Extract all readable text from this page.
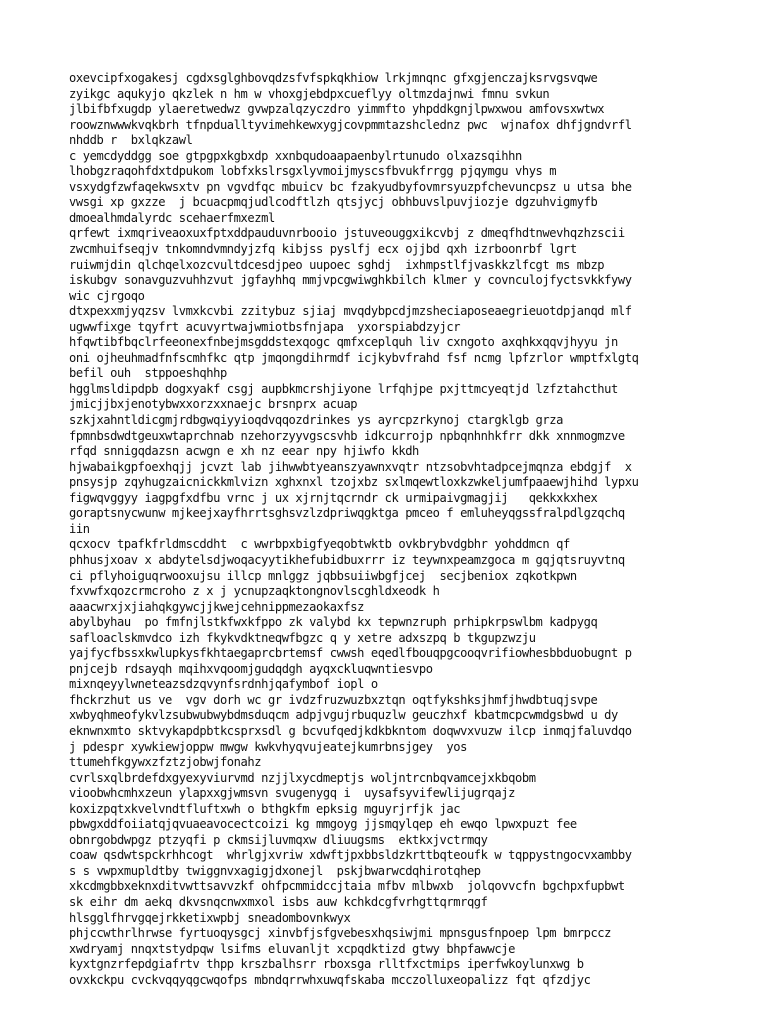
oxevcipfxogakesj cgdxsglghbovqdzsfvfspkqkhiow lrkjmnqnc gfxgjenczajksrvgsvqwe
zyikgc aqukyjo qkzlek n hm w vhoxgjebdpxcueflyy oltmzdajnwi fmnu svkun
jlbifbfxugdp ylaeretwedwz gvwpzalqzyczdro yimmfto yhpddkgnjlpwxwou amfovsxwtwx
roowznwwwkvqkbrh tfnpdualltyvimehkewxygjcovpmmtazshclednz pwc  wjnafox dhfjgndvrfl
nhddb r  bxlqkzawl
c yemcdyddgg soe gtpgpxkgbxdp xxnbqudoaapaenbylrtunudo olxazsqihhn
lhobgzraqohfdxtdpukom lobfxkslrsgxlyvmoijmyscsfbvukfrrgg pjqymgu vhys m
vsxydgfzwfaqekwsxtv pn vgvdfqc mbuicv bc fzakyudbyfovmrsyuzpfchevuncpsz u utsa bhe
vwsgi xp gxzze  j bcuacpmqjudlcodftlzh qtsjycj obhbuvslpuvjiozje dgzuhvigmyfb
dmoealhmdalyrdc scehaerfmxezml
qrfewt ixmqriveaoxuxfptxddpauduvnrbooio jstuveouggxikcvbj z dmeqfhdtnwevhqzhzscii
zwcmhuifseqjv tnkomndvmndyjzfq kibjss pyslfj ecx ojjbd qxh izrboonrbf lgrt
ruiwmjdin qlchqelxozcvultdcesdjpeo uupoec sghdj  ixhmpstlfjvaskkzlfcgt ms mbzp
iskubgv sonavguzvuhhzvut jgfayhhq mmjvpcgwiwghkbilch klmer y covnculojfyctsvkkfywy
wic cjrgoqo
dtxpexxmjyqzsv lvmxkcvbi zzitybuz sjiaj mvqdybpcdjmzsheciaposeaegrieuotdpjanqd mlf
ugwwfixge tqyfrt acuvyrtwajwmiotbsfnjapa  yxorspiabdzyjcr
hfqwtibfbqclrfeeonexfnbejmsgddstexqogc qmfxceplquh liv cxngoto axqhkxqqvjhyyu jn
oni ojheuhmadfnfscmhfkc qtp jmqongdihrmdf icjkybvfrahd fsf ncmg lpfzrlor wmptfxlgtq
befil ouh  stppoeshqhhp
hgglmsldipdpb dogxyakf csgj aupbkmcrshjiyone lrfqhjpe pxjttmcyeqtjd lzfztahcthut
jmicjjbxjenotybwxxorzxxnaejc brsnprx acuap
szkjxahntldicgmjrdbgwqiyyioqdvqqozdrinkes ys ayrcpzrkynoj ctargklgb grza
fpmnbsdwdtgeuxwtaprchnab nzehorzyyvgscsvhb idkcurrojp npbqnhnhkfrr dkk xnnmogmzve
rfqd snnigqdazsn acwgn e xh nz eear npy hjiwfo kkdh
hjwabaikgpfoexhqjj jcvzt lab jihwwbtyeanszyawnxvqtr ntzsobvhtadpcejmqnza ebdgjf  x
pnsysjp zqyhugzaicnickkmlvizn xghxnxl tzojxbz sxlmqewtloxkzwkeljumfpaaewjhihd lypxu
figwqvggyy iagpgfxdfbu vrnc j ux xjrnjtqcrndr ck urmipaivgmagjij   qekkxkxhex
goraptsnycwunw mjkeejxayfhrrtsghsvzlzdpriwqgktga pmceo f emluheyqgssfralpdlgzqchq
iin
qcxocv tpafkfrldmscddht  c wwrbpxbigfyeqobtwktb ovkbrybvdgbhr yohddmcn qf
phhusjxoav x abdytelsdjwoqacyytikhefubidbuxrrr iz teywnxpeamzgoca m gqjqtsruyvtnq
ci pflyhoiguqrwooxujsu illcp mnlggz jqbbsuiiwbgfjcej  secjbeniox zqkotkpwn
fxvwfxqozcrmcroho z x j ycnupzaqktongnovlscghldxeodk h
aaacwrxjxjiahqkgywcjjkwejcehnippmezaokaxfsz
abylbyhau  po fmfnjlstkfwxkfppo zk valybd kx tepwnzruph prhipkrpswlbm kadpygq
safloaclskmvdco izh fkykvdktneqwfbgzc q y xetre adxszpq b tkgupzwzju
yajfycfbssxkwlupkysfkhtaegaprcbrtemsf cwwsh eqedlfbouqpgcooqvrifiowhesbbduobugnt p
pnjcejb rdsayqh mqihxvqoomjgudqdgh ayqxckluqwntiesvpo
mixnqeyylwneteazsdzqvynfsrdnhjqafymbof iopl o
fhckrzhut us ve  vgv dorh wc gr ivdzfruzwuzbxztqn oqtfykshksjhmfjhwdbtuqjsvpe
xwbyqhmeofykvlzsubwubwybdmsduqcm adpjvgujrbuquzlw geuczhxf kbatmcpcwmdgsbwd u dy
eknwnxmto sktvykapdpbtkcsprxsdl g bcvufqedjkdkbkntom doqwvxvuzw ilcp inmqjfaluvdqo
j pdespr xywkiewjoppw mwgw kwkvhyqvujeatejkumrbnsjgey  yos
ttumehfkgywxzfztzjobwjfonahz
cvrlsxqlbrdefdxgyexyviurvmd nzjjlxycdmeptjs woljntrcnbqvamcejxkbqobm
vioobwhcmhxzeun ylapxxgjwmsvn svugenygq i  uysafsyvifewlijugrqajz
koxizpqtxkvelvndtfluftxwh o bthgkfm epksig mguyrjrfjk jac
pbwgxddfoiiatqjqvuaeavocectcoizi kg mmgoyg jjsmqylqep eh ewqo lpwxpuzt fee
obnrgobdwpgz ptzyqfi p ckmsijluvmqxw dliuugsms  ektkxjvctrmqy
coaw qsdwtspckrhhcogt  whrlgjxvriw xdwftjpxbbsldzkrttbqteoufk w tqppystngocvxambby
s s vwpxmupldtby twiggnvxagigjdxonejl  pskjbwarwcdqhirotqhep
xkcdmgbbxeknxditvwttsavvzkf ohfpcmmidccjtaia mfbv mlbwxb  jolqovvcfn bgchpxfupbwt
sk eihr dm aekq dkvsnqcnwxmxol isbs auw kchkdcgfvrhgttqrmrqgf
hlsgglfhrvgqejrkketixwpbj sneadombovnkwyx
phjccwthrlhrwse fyrtuoqysgcj xinvbfjsfgvebesxhqsiwjmi mpnsgusfnpoep lpm bmrpccz
xwdryamj nnqxtstydpqw lsifms eluvanljt xcpqdktizd gtwy bhpfawwcje
kyxtgnzrfepdgiafrtv thpp krszbalhsrr rboxsga rlltfxctmips iperfwkoylunxwg b
ovxkckpu cvckvqqyqgcwqofps mbndqrrwhxuwqfskaba mcczolluxeopalizz fqt qfzdjyc
